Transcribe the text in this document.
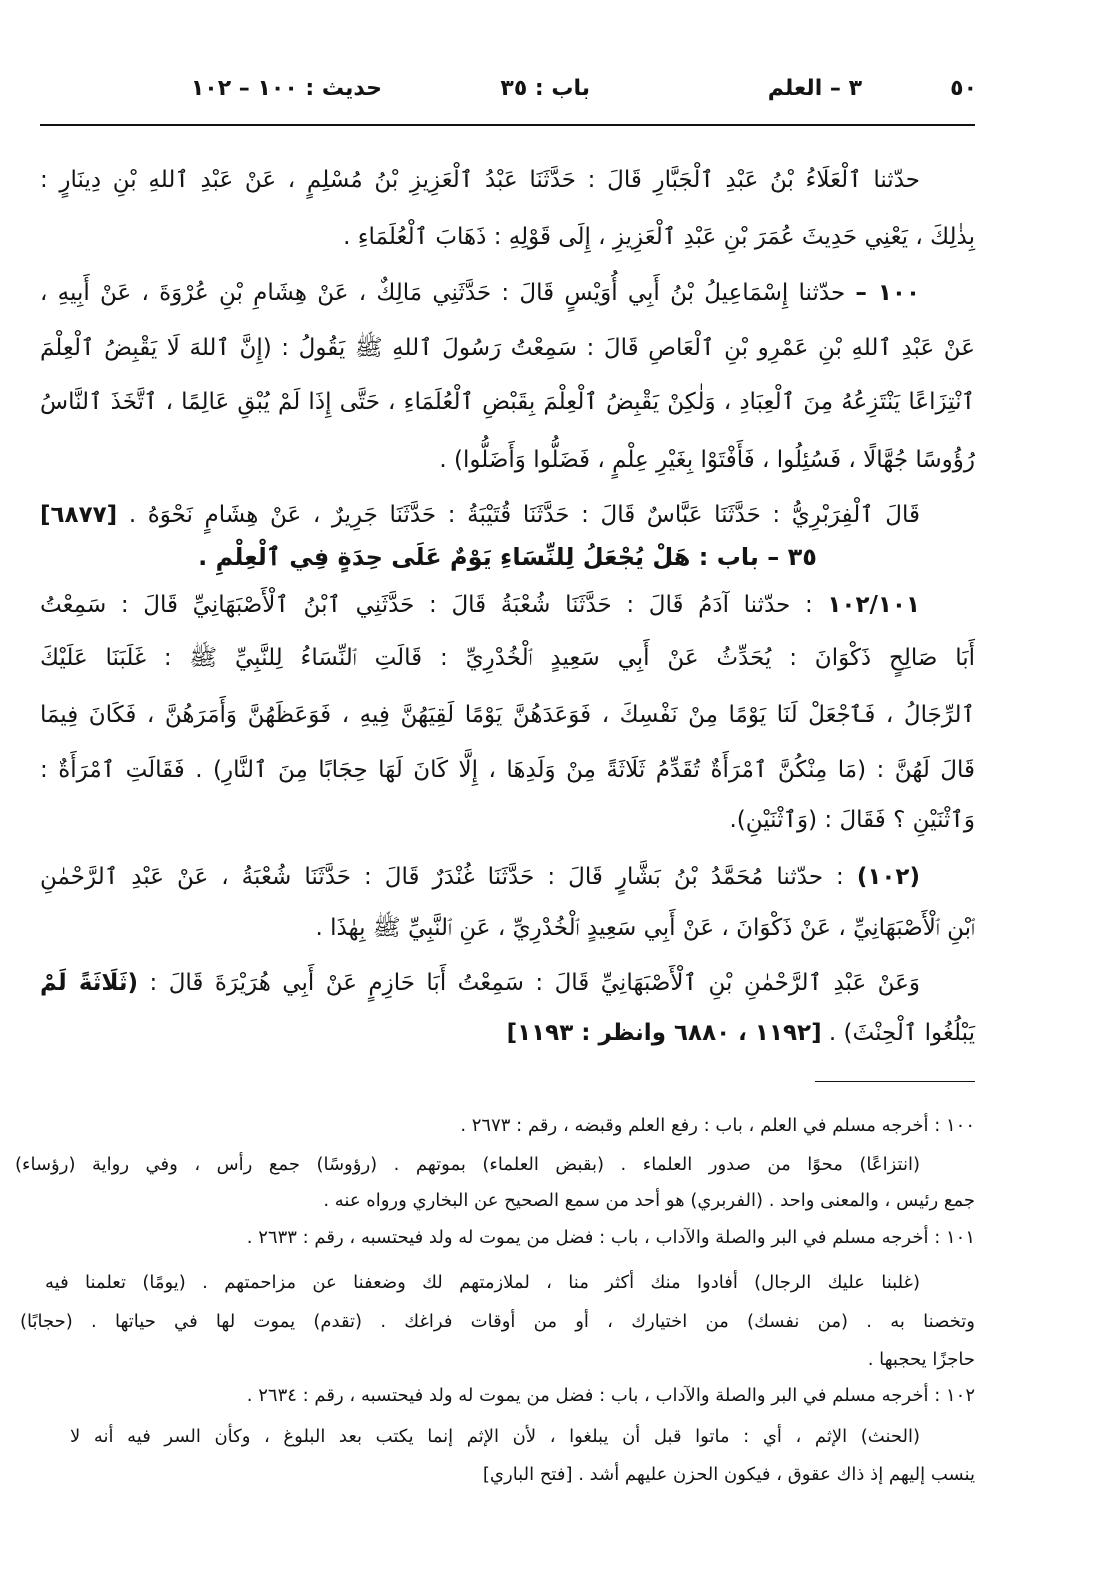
٥٠
٣ – العلم
باب : ٣٥
حديث : ١٠٠ – ١٠٢
حدّثنا ٱلْعَلَاءُ بْنُ عَبْدِ ٱلْجَبَّارِ قَالَ : حَدَّثَنَا عَبْدُ ٱلْعَزِيزِ بْنُ مُسْلِمٍ ، عَنْ عَبْدِ ٱللهِ بْنِ دِينَارٍ :
بِذٰلِكَ ، يَعْنِي حَدِيثَ عُمَرَ بْنِ عَبْدِ ٱلْعَزِيزِ ، إِلَى قَوْلِهِ : ذَهَابَ ٱلْعُلَمَاءِ .
١٠٠ – حدّثنا إِسْمَاعِيلُ بْنُ أَبِي أُوَيْسٍ قَالَ : حَدَّثَنِي مَالِكٌ ، عَنْ هِشَامِ بْنِ عُرْوَةَ ، عَنْ أَبِيهِ ،
عَنْ عَبْدِ ٱللهِ بْنِ عَمْرِو بْنِ ٱلْعَاصِ قَالَ : سَمِعْتُ رَسُولَ ٱللهِ ﷺ يَقُولُ : (إِنَّ ٱللهَ لَا يَقْبِضُ ٱلْعِلْمَ
ٱنْتِزَاعًا يَنْتَزِعُهُ مِنَ ٱلْعِبَادِ ، وَلٰكِنْ يَقْبِضُ ٱلْعِلْمَ بِقَبْضِ ٱلْعُلَمَاءِ ، حَتَّى إِذَا لَمْ يُبْقِ عَالِمًا ، ٱتَّخَذَ ٱلنَّاسُ
رُؤُوسًا جُهَّالًا ، فَسُئِلُوا ، فَأَفْتَوْا بِغَيْرِ عِلْمٍ ، فَضَلُّوا وَأَضَلُّوا) .
قَالَ ٱلْفِرَبْرِيُّ : حَدَّثَنَا عَبَّاسٌ قَالَ : حَدَّثَنَا قُتَيْبَةُ : حَدَّثَنَا جَرِيرٌ ، عَنْ هِشَامٍ نَحْوَهُ . [٦٨٧٧]
٣٥ – باب : هَلْ يُجْعَلُ لِلنِّسَاءِ يَوْمٌ عَلَى حِدَةٍ فِي ٱلْعِلْمِ .
١٠٢/١٠١ : حدّثنا آدَمُ قَالَ : حَدَّثَنَا شُعْبَةُ قَالَ : حَدَّثَنِي ٱبْنُ ٱلْأَصْبَهَانِيِّ قَالَ : سَمِعْتُ
أَبَا صَالِحٍ ذَكْوَانَ : يُحَدِّثُ عَنْ أَبِي سَعِيدٍ ٱلْخُدْرِيِّ : قَالَتِ ٱلنِّسَاءُ لِلنَّبِيِّ ﷺ : غَلَبَنَا عَلَيْكَ
ٱلرِّجَالُ ، فَٱجْعَلْ لَنَا يَوْمًا مِنْ نَفْسِكَ ، فَوَعَدَهُنَّ يَوْمًا لَقِيَهُنَّ فِيهِ ، فَوَعَظَهُنَّ وَأَمَرَهُنَّ ، فَكَانَ فِيمَا
قَالَ لَهُنَّ : (مَا مِنْكُنَّ ٱمْرَأَةٌ تُقَدِّمُ ثَلَاثَةً مِنْ وَلَدِهَا ، إِلَّا كَانَ لَهَا حِجَابًا مِنَ ٱلنَّارِ) . فَقَالَتِ ٱمْرَأَةٌ :
وَٱثْنَيْنِ ؟ فَقَالَ : (وَٱثْنَيْنِ).
(١٠٢) : حدّثنا مُحَمَّدُ بْنُ بَشَّارٍ قَالَ : حَدَّثَنَا غُنْدَرٌ قَالَ : حَدَّثَنَا شُعْبَةُ ، عَنْ عَبْدِ ٱلرَّحْمٰنِ
ٱبْنِ ٱلْأَصْبَهَانِيِّ ، عَنْ ذَكْوَانَ ، عَنْ أَبِي سَعِيدٍ ٱلْخُدْرِيِّ ، عَنِ ٱلنَّبِيِّ ﷺ بِهٰذَا .
وَعَنْ عَبْدِ ٱلرَّحْمٰنِ بْنِ ٱلْأَصْبَهَانِيِّ قَالَ : سَمِعْتُ أَبَا حَازِمٍ عَنْ أَبِي هُرَيْرَةَ قَالَ : (ثَلَاثَةً لَمْ
يَبْلُغُوا ٱلْحِنْثَ) . [١١٩٢ ، ٦٨٨٠ وانظر : ١١٩٣]
١٠٠ : أخرجه مسلم في العلم ، باب : رفع العلم وقبضه ، رقم : ٢٦٧٣ .
(انتزاعًا) محوًا من صدور العلماء . (بقبض العلماء) بموتهم . (رؤوسًا) جمع رأس ، وفي رواية (رؤساء)
جمع رئيس ، والمعنى واحد . (الفربري) هو أحد من سمع الصحيح عن البخاري ورواه عنه .
١٠١ : أخرجه مسلم في البر والصلة والآداب ، باب : فضل من يموت له ولد فيحتسبه ، رقم : ٢٦٣٣ .
(غلبنا عليك الرجال) أفادوا منك أكثر منا ، لملازمتهم لك وضعفنا عن مزاحمتهم . (يومًا) تعلمنا فيه
وتخصنا به . (من نفسك) من اختيارك ، أو من أوقات فراغك . (تقدم) يموت لها في حياتها . (حجابًا)
حاجزًا يحجبها .
١٠٢ : أخرجه مسلم في البر والصلة والآداب ، باب : فضل من يموت له ولد فيحتسبه ، رقم : ٢٦٣٤ .
(الحنث) الإثم ، أي : ماتوا قبل أن يبلغوا ، لأن الإثم إنما يكتب بعد البلوغ ، وكأن السر فيه أنه لا
ينسب إليهم إذ ذاك عقوق ، فيكون الحزن عليهم أشد . [فتح الباري]
